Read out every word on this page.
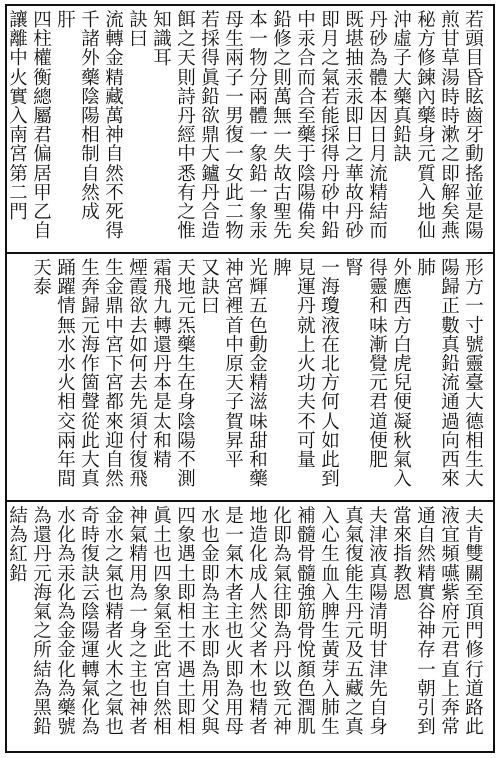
若
頭
目
昏
眩
齒
牙
動
搖
並
是
陽
煎
甘
草
湯
時
時
漱
之
即
解
矣
燕
秘
方
修
鍊
內
藥
身
元
質
入
地
仙
沖
虛
子
大
藥
真
鉛
訣
丹
砂
為
體
本
因
日
月
流
精
結
而
既
堪
抽
汞
汞
即
日
之
華
故
丹
砂
即
月
之
氣
若
能
採
得
丹
砂
中
鉛
中
汞
合
而
合
至
藥
于
陰
陽
備
矣
鉛
修
之
則
萬
無
一
失
故
古
聖
先
本
一
物
分
兩
體
一
象
鉛
一
象
汞
母
生
兩
子
一
男
復
一
女
此
二
物
若
採
得
眞
鉛
欲
鼎
大
鑪
丹
合
造
餌
之
天
則
詩
丹
經
中
悉
有
之
惟
知
識
耳
訣
曰
流
轉
金
精
藏
萬
神
自
然
不
死
得
千
諸
外
藥
陰
陽
相
制
自
然
成
肝
四
柱
權
衡
總
屬
君
偏
居
甲
乙
自
讓
離
中
火
實
入
南
宮
第
二
門
形
方
一
寸
號
靈
臺
大
德
相
生
大
陽
歸
正
數
真
鉛
流
通
過
向
西
來
肺
外
應
西
方
白
虎
兒
便
凝
秋
氣
入
得
靈
和
味
漸
覺
元
君
道
便
肥
腎
一
海
瓊
液
在
北
方
何
人
如
此
到
見
運
丹
就
上
火
功
夫
不
可
量
脾
光
輝
五
色
動
金
精
滋
味
甜
和
藥
神
宮
裡
首
中
原
天
子
賀
昇
平
又
訣
曰
天
地
元
炁
藥
生
在
身
陰
陽
不
測
霜
飛
九
轉
還
丹
本
是
太
和
精
煙
霞
欲
去
如
何
去
先
須
付
復
飛
生
金
鼎
中
宮
下
宮
都
來
迎
自
然
生
奔
歸
元
海
作
箇
聲
從
此
大
真
踊
躍
情
無
水
水
火
相
交
兩
年
間
天
泰
夫
肯
雙
關
至
頂
門
修
行
道
路
此
液
宜
頻
嚥
紫
府
元
君
直
上
奔
常
通
自
然
精
實
谷
神
存
一
朝
引
到
當
來
指
教
恩
夫
津
液
真
陽
清
明
甘
津
先
自
身
真
氣
復
能
生
丹
元
及
五
藏
之
真
入
心
生
血
入
脾
生
黃
芽
入
肺
生
補
髓
骨
髓
強
筋
骨
悅
顏
色
潤
肌
化
即
為
氣
往
即
為
丹
以
致
元
神
地
造
化
成
人
然
父
者
木
也
精
者
是
一
氣
木
者
主
也
火
即
為
用
母
水
也
金
即
為
主
水
即
為
用
父
與
四
象
遇
土
即
相
土
不
遇
土
即
相
眞
土
也
四
象
氣
至
此
宮
自
然
相
神
氣
精
用
為
一
身
之
主
也
神
者
金
水
之
氣
也
精
者
火
木
之
氣
也
奇
時
復
訣
云
陰
陽
運
轉
氣
化
為
水
化
為
汞
化
為
金
金
化
為
藥
號
為
還
丹
元
海
氣
之
所
結
為
黑
鉛
結
為
紅
鉛
